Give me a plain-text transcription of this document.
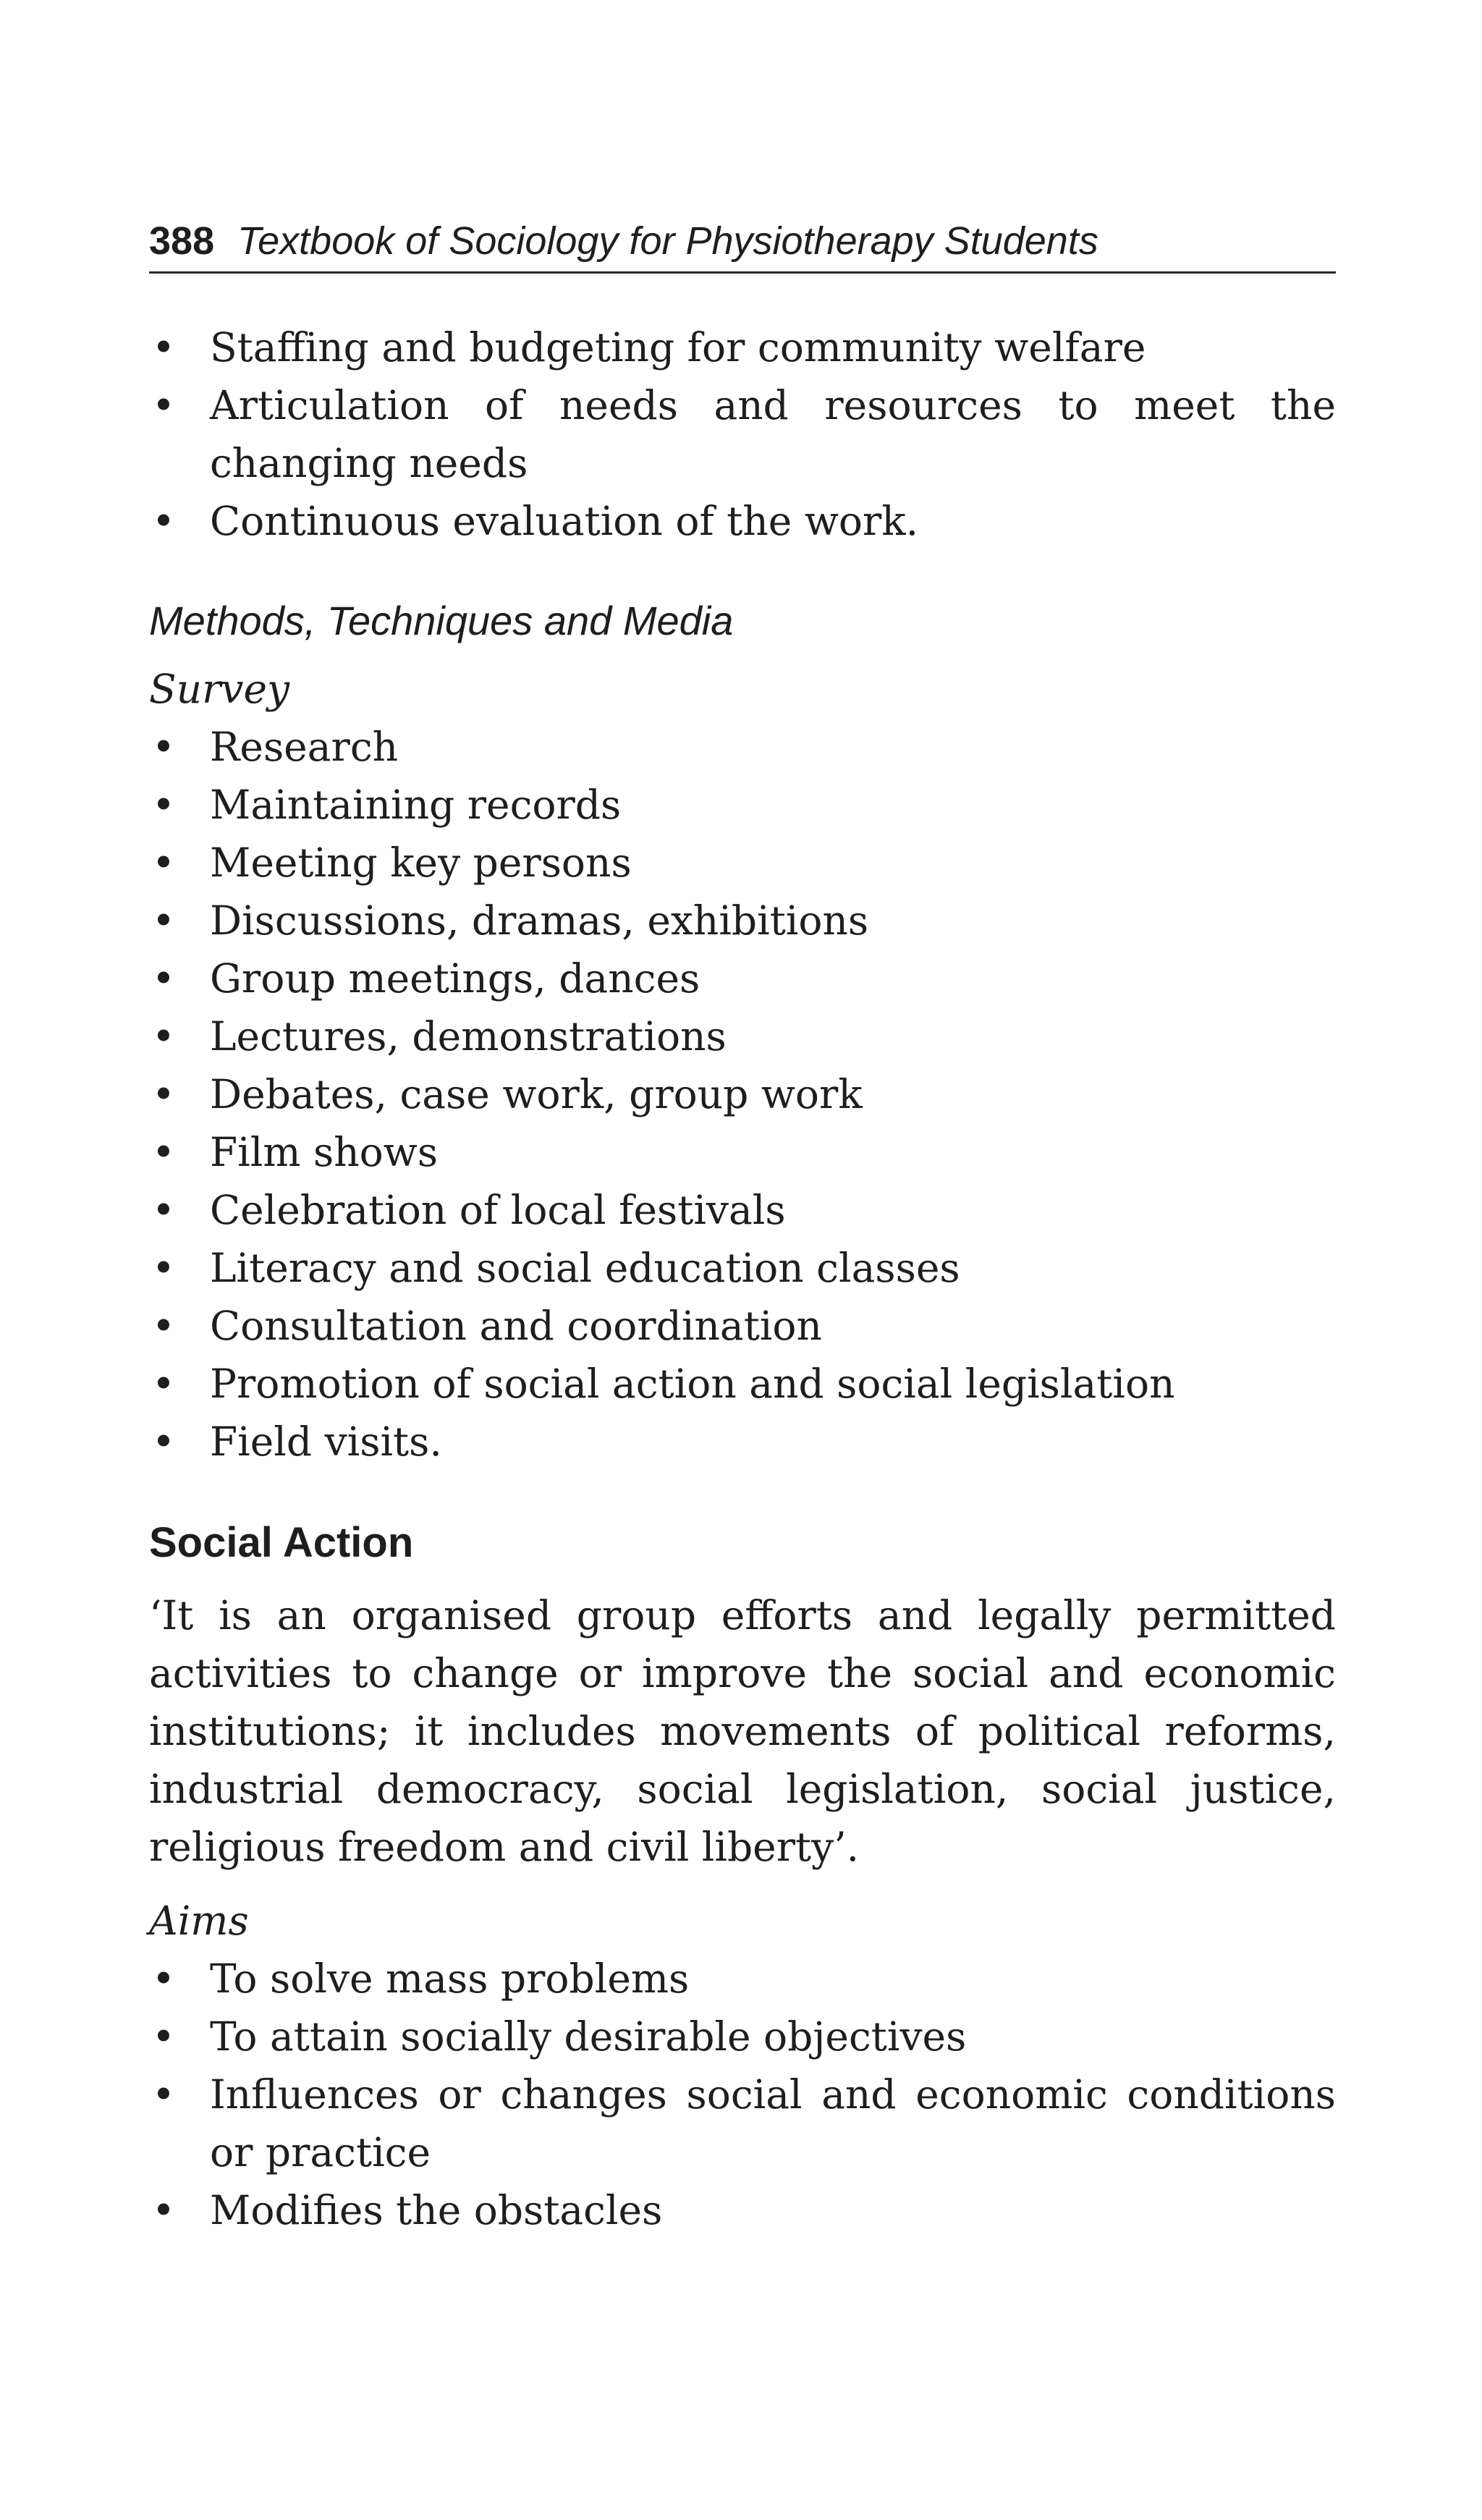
388 Textbook of Sociology for Physiotherapy Students
• Staffing and budgeting for community welfare
• Articulation of needs and resources to meet the changing needs
• Continuous evaluation of the work.
Methods, Techniques and Media
Survey
• Research
• Maintaining records
• Meeting key persons
• Discussions, dramas, exhibitions
• Group meetings, dances
• Lectures, demonstrations
• Debates, case work, group work
• Film shows
• Celebration of local festivals
• Literacy and social education classes
• Consultation and coordination
• Promotion of social action and social legislation
• Field visits.
Social Action

‘It is an organised group efforts and legally permitted activities to change or improve the social and economic institutions; it includes movements of political reforms, industrial democracy, social legislation, social justice, religious freedom and civil liberty’.

Aims
• To solve mass problems
• To attain socially desirable objectives
• Influences or changes social and economic conditions or practice
• Modifies the obstacles
